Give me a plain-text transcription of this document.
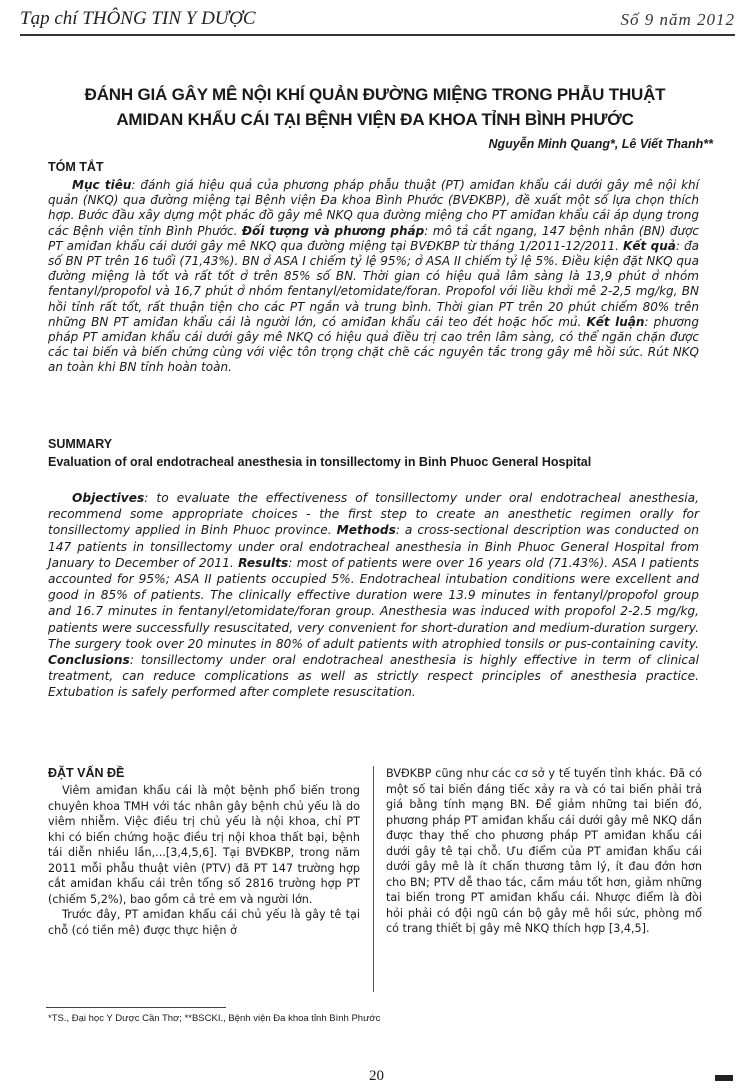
Tạp chí THÔNG TIN Y DƯỢC	Số 9 năm 2012
ĐÁNH GIÁ GÂY MÊ NỘI KHÍ QUẢN ĐƯỜNG MIỆNG TRONG PHẪU THUẬT
AMIDAN KHẨU CÁI TẠI BỆNH VIỆN ĐA KHOA TỈNH BÌNH PHƯỚC
Nguyễn Minh Quang*, Lê Viết Thanh**
TÓM TẮT
Mục tiêu: đánh giá hiệu quả của phương pháp phẫu thuật (PT) amiđan khẩu cái dưới gây mê nội khí quản (NKQ) qua đường miệng tại Bệnh viện Đa khoa Bình Phước (BVĐKBP), đề xuất một số lựa chọn thích hợp. Bước đầu xây dựng một phác đồ gây mê NKQ qua đường miệng cho PT amiđan khẩu cái áp dụng trong các Bệnh viện tỉnh Bình Phước. Đối tượng và phương pháp: mô tả cắt ngang, 147 bệnh nhân (BN) được PT amiđan khẩu cái dưới gây mê NKQ qua đường miệng tại BVĐKBP từ tháng 1/2011-12/2011. Kết quả: đa số BN PT trên 16 tuổi (71,43%). BN ở ASA I chiếm tỷ lệ 95%; ở ASA II chiếm tỷ lệ 5%. Điều kiện đặt NKQ qua đường miệng là tốt và rất tốt ở trên 85% số BN. Thời gian có hiệu quả lâm sàng là 13,9 phút ở nhóm fentanyl/propofol và 16,7 phút ở nhóm fentanyl/etomidate/foran. Propofol với liều khởi mê 2-2,5 mg/kg, BN hồi tỉnh rất tốt, rất thuận tiện cho các PT ngắn và trung bình. Thời gian PT trên 20 phút chiếm 80% trên những BN PT amiđan khẩu cái là người lớn, có amiđan khẩu cái teo đét hoặc hốc mủ. Kết luận: phương pháp PT amiđan khẩu cái dưới gây mê NKQ có hiệu quả điều trị cao trên lâm sàng, có thể ngăn chặn được các tai biến và biến chứng cùng với việc tôn trọng chặt chẽ các nguyên tắc trong gây mê hồi sức. Rút NKQ an toàn khi BN tỉnh hoàn toàn.
SUMMARY
Evaluation of oral endotracheal anesthesia in tonsillectomy in Binh Phuoc General Hospital
Objectives: to evaluate the effectiveness of tonsillectomy under oral endotracheal anesthesia, recommend some appropriate choices - the first step to create an anesthetic regimen orally for tonsillectomy applied in Binh Phuoc province. Methods: a cross-sectional description was conducted on 147 patients in tonsillectomy under oral endotracheal anesthesia in Binh Phuoc General Hospital from January to December of 2011. Results: most of patients were over 16 years old (71.43%). ASA I patients accounted for 95%; ASA II patients occupied 5%. Endotracheal intubation conditions were excellent and good in 85% of patients. The clinically effective duration were 13.9 minutes in fentanyl/propofol group and 16.7 minutes in fentanyl/etomidate/foran group. Anesthesia was induced with propofol 2-2.5 mg/kg, patients were successfully resuscitated, very convenient for short-duration and medium-duration surgery. The surgery took over 20 minutes in 80% of adult patients with atrophied tonsils or pus-containing cavity. Conclusions: tonsillectomy under oral endotracheal anesthesia is highly effective in term of clinical treatment, can reduce complications as well as strictly respect principles of anesthesia practice. Extubation is safely performed after complete resuscitation.
ĐẶT VẤN ĐỀ

Viêm amiđan khẩu cái là một bệnh phổ biến trong chuyên khoa TMH với tác nhân gây bệnh chủ yếu là do viêm nhiễm. Việc điều trị chủ yếu là nội khoa, chỉ PT khi có biến chứng hoặc điều trị nội khoa thất bại, bệnh tái diễn nhiều lần,...[3,4,5,6]. Tại BVĐKBP, trong năm 2011 mỗi phẫu thuật viên (PTV) đã PT 147 trường hợp cắt amiđan khẩu cái trên tổng số 2816 trường hợp PT (chiếm 5,2%), bao gồm cả trẻ em và người lớn.

Trước đây, PT amiđan khẩu cái chủ yếu là gây tê tại chỗ (có tiền mê) được thực hiện ở

BVĐKBP cũng như các cơ sở y tế tuyến tỉnh khác. Đã có một số tai biến đáng tiếc xảy ra và có tai biến phải trả giá bằng tính mạng BN. Để giảm những tai biến đó, phương pháp PT amiđan khẩu cái dưới gây mê NKQ dần được thay thế cho phương pháp PT amiđan khẩu cái dưới gây tê tại chỗ. Ưu điểm của PT amiđan khẩu cái dưới gây mê là ít chấn thương tâm lý, ít đau đớn hơn cho BN; PTV dễ thao tác, cầm máu tốt hơn, giảm những tai biến trong PT amiđan khẩu cái. Nhược điểm là đòi hỏi phải có đội ngũ cán bộ gây mê hồi sức, phòng mổ có trang thiết bị gây mê NKQ thích hợp [3,4,5].

*TS., Đại học Y Dược Cần Thơ; **BSCKI., Bệnh viện Đa khoa tỉnh Bình Phước
20
